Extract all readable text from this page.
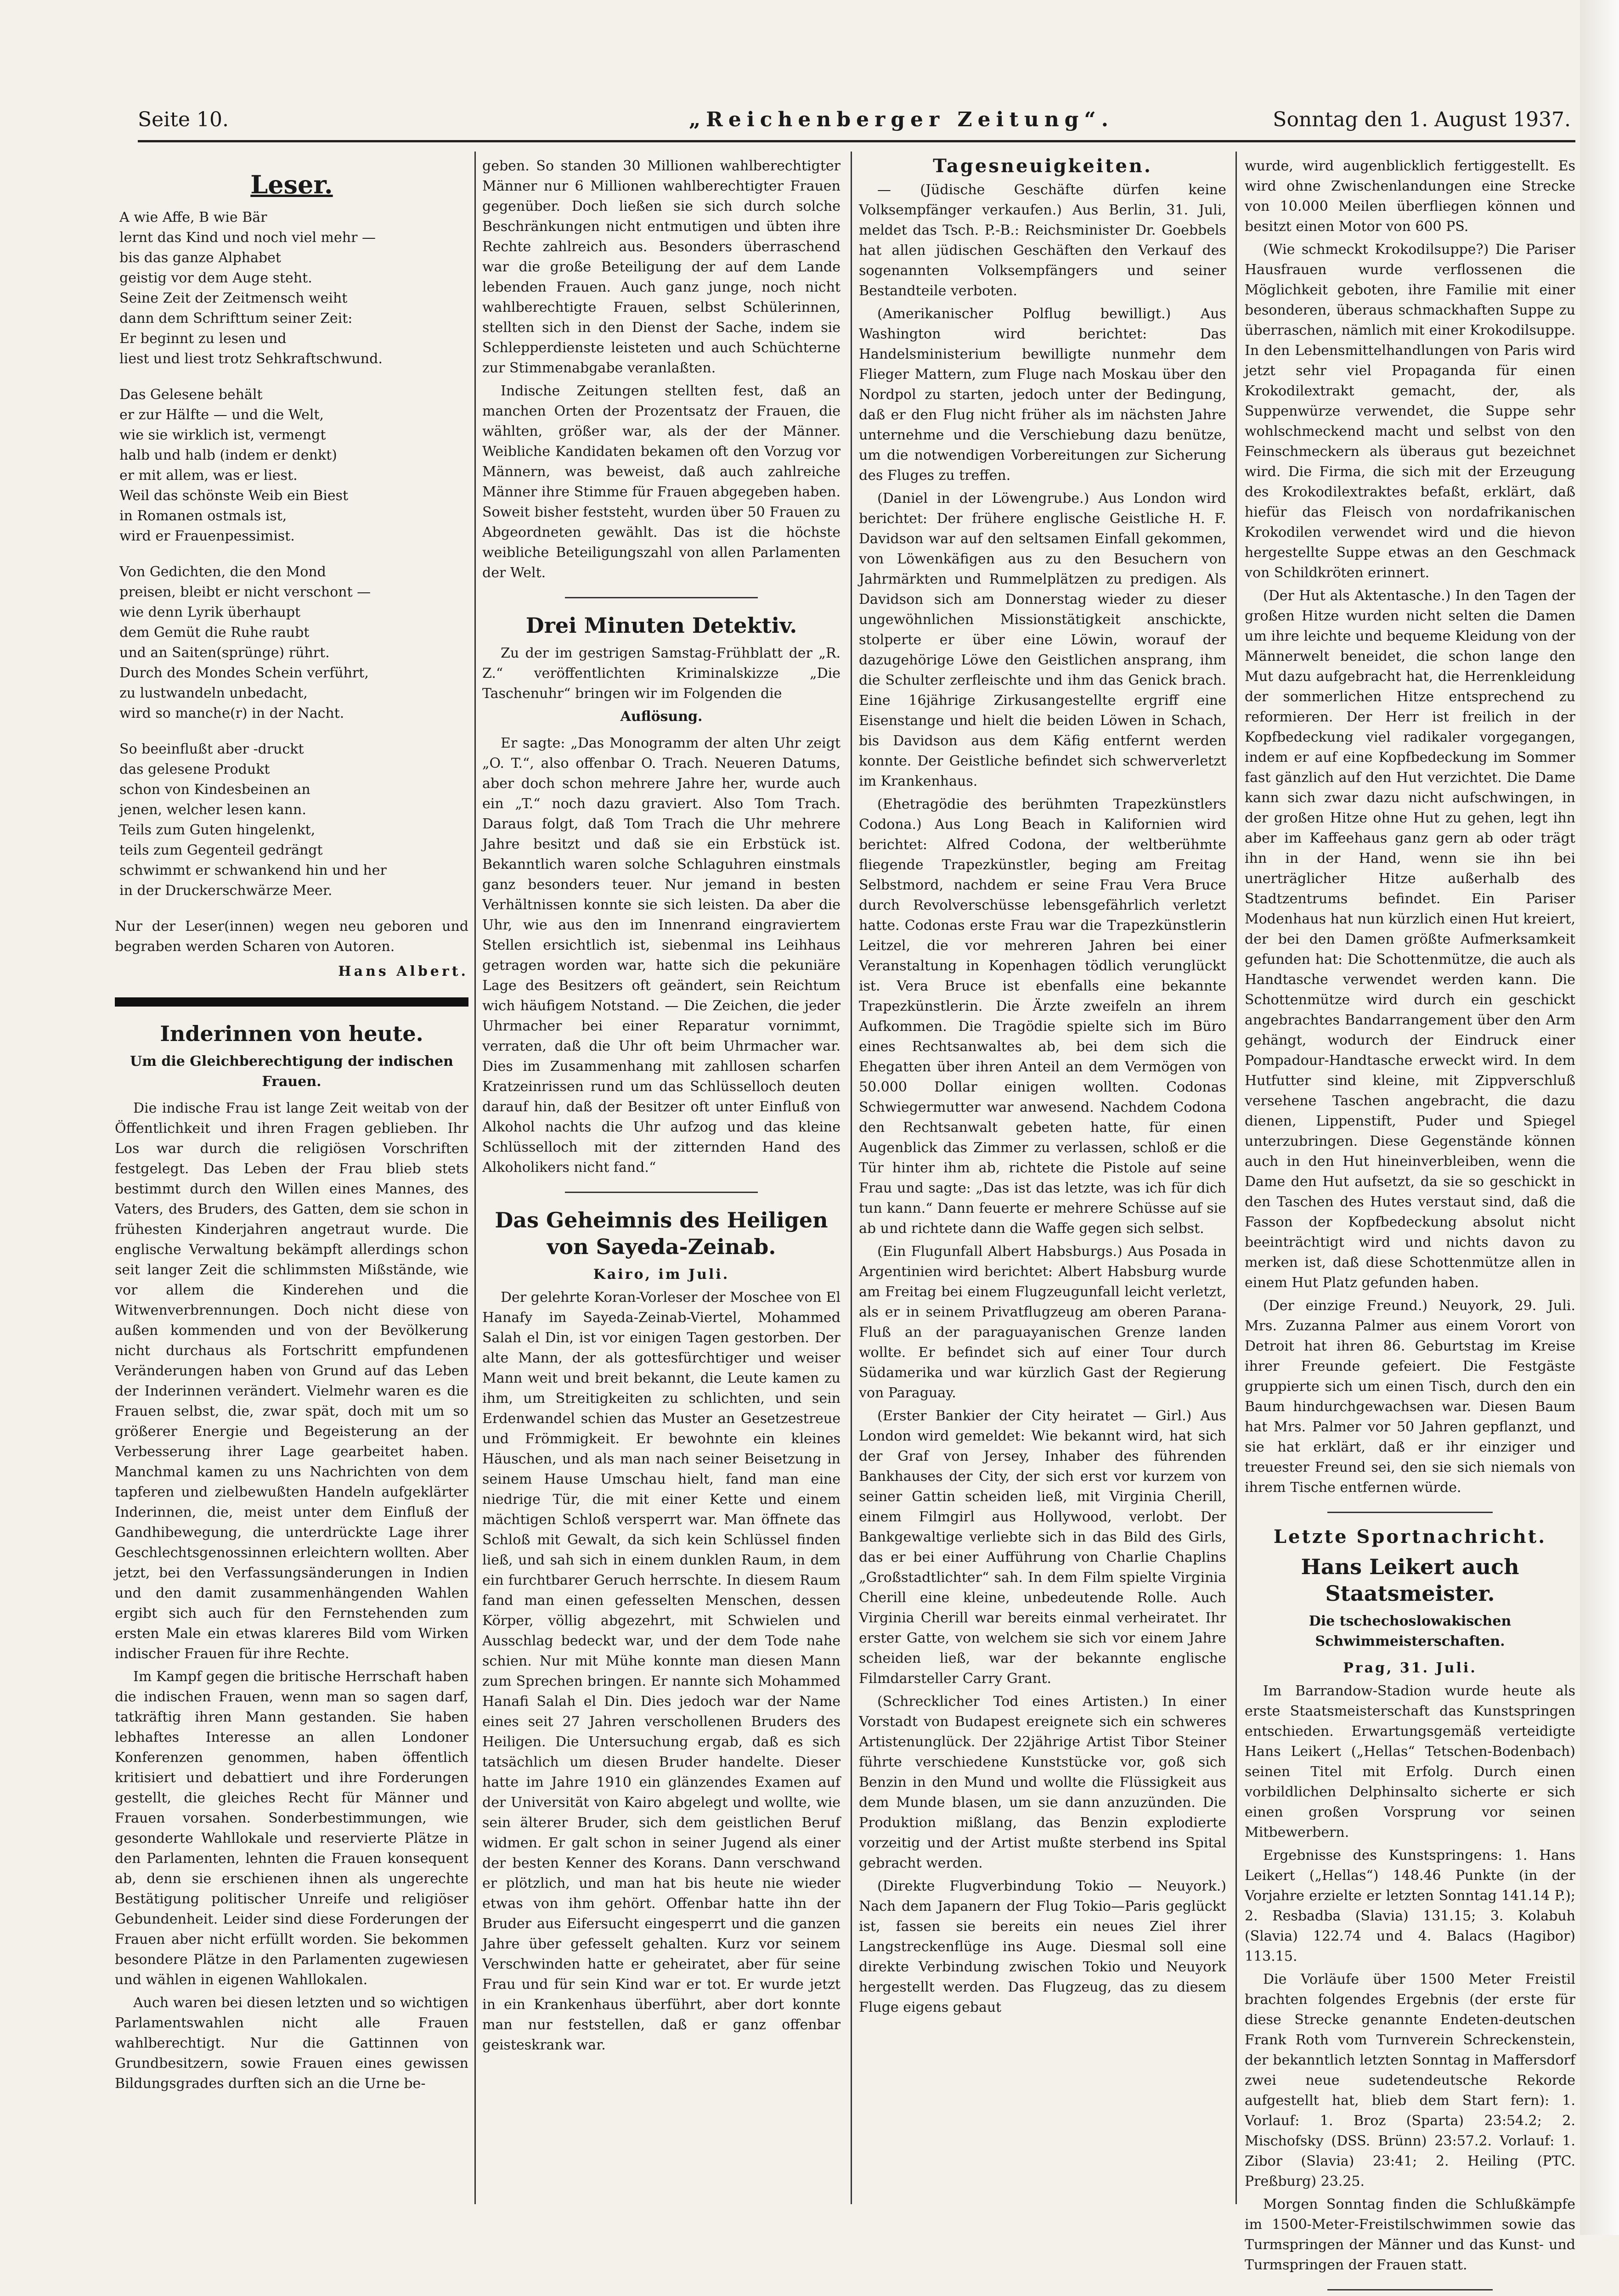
Seite 10.	„Reichenberger Zeitung“.	Sonntag den 1. August 1937.
Leser.
A wie Affe, B wie Bär
lernt das Kind und noch viel mehr —
bis das ganze Alphabet
geistig vor dem Auge steht.
Seine Zeit der Zeitmensch weiht
dann dem Schrifttum seiner Zeit:
Er beginnt zu lesen und
liest und liest trotz Sehkraftschwund.
Das Gelesene behält
er zur Hälfte — und die Welt,
wie sie wirklich ist, vermengt
halb und halb (indem er denkt)
er mit allem, was er liest.
Weil das schönste Weib ein Biest
in Romanen ostmals ist,
wird er Frauenpessimist.
Von Gedichten, die den Mond
preisen, bleibt er nicht verschont —
wie denn Lyrik überhaupt
dem Gemüt die Ruhe raubt
und an Saiten(sprünge) rührt.
Durch des Mondes Schein verführt,
zu lustwandeln unbedacht,
wird so manche(r) in der Nacht.
So beeinflußt aber -druckt
das gelesene Produkt
schon von Kindesbeinen an
jenen, welcher lesen kann.
Teils zum Guten hingelenkt,
teils zum Gegenteil gedrängt
schwimmt er schwankend hin und her
in der Druckerschwärze Meer.

Nur der Leser(innen) wegen neu geboren und begraben werden Scharen von Autoren.

Hans Albert.
Inderinnen von heute.
Um die Gleichberechtigung der indischen Frauen.

Die indische Frau ist lange Zeit weitab von der Öffentlichkeit und ihren Fragen geblieben. Ihr Los war durch die religiösen Vorschriften festgelegt. Das Leben der Frau blieb stets bestimmt durch den Willen eines Mannes, des Vaters, des Bruders, des Gatten, dem sie schon in frühesten Kinderjahren angetraut wurde. Die englische Verwaltung bekämpft allerdings schon seit langer Zeit die schlimmsten Mißstände, wie vor allem die Kinderehen und die Witwenverbrennungen. Doch nicht diese von außen kommenden und von der Bevölkerung nicht durchaus als Fortschritt empfundenen Veränderungen haben von Grund auf das Leben der Inderinnen verändert. Vielmehr waren es die Frauen selbst, die, zwar spät, doch mit um so größerer Energie und Begeisterung an der Verbesserung ihrer Lage gearbeitet haben. Manchmal kamen zu uns Nachrichten von dem tapferen und zielbewußten Handeln aufgeklärter Inderinnen, die, meist unter dem Einfluß der Gandhibewegung, die unterdrückte Lage ihrer Geschlechtsgenossinnen erleichtern wollten. Aber jetzt, bei den Verfassungsänderungen in Indien und den damit zusammenhängenden Wahlen ergibt sich auch für den Fernstehenden zum ersten Male ein etwas klareres Bild vom Wirken indischer Frauen für ihre Rechte.

Im Kampf gegen die britische Herrschaft haben die indischen Frauen, wenn man so sagen darf, tatkräftig ihren Mann gestanden. Sie haben lebhaftes Interesse an allen Londoner Konferenzen genommen, haben öffentlich kritisiert und debattiert und ihre Forderungen gestellt, die gleiches Recht für Männer und Frauen vorsahen. Sonderbestimmungen, wie gesonderte Wahllokale und reservierte Plätze in den Parlamenten, lehnten die Frauen konsequent ab, denn sie erschienen ihnen als ungerechte Bestätigung politischer Unreife und religiöser Gebundenheit. Leider sind diese Forderungen der Frauen aber nicht erfüllt worden. Sie bekommen besondere Plätze in den Parlamenten zugewiesen und wählen in eigenen Wahllokalen.

Auch waren bei diesen letzten und so wichtigen Parlamentswahlen nicht alle Frauen wahlberechtigt. Nur die Gattinnen von Grundbesitzern, sowie Frauen eines gewissen Bildungsgrades durften sich an die Urne be-

geben. So standen 30 Millionen wahlberechtigter Männer nur 6 Millionen wahlberechtigter Frauen gegenüber. Doch ließen sie sich durch solche Beschränkungen nicht entmutigen und übten ihre Rechte zahlreich aus. Besonders überraschend war die große Beteiligung der auf dem Lande lebenden Frauen. Auch ganz junge, noch nicht wahlberechtigte Frauen, selbst Schülerinnen, stellten sich in den Dienst der Sache, indem sie Schlepperdienste leisteten und auch Schüchterne zur Stimmenabgabe veranlaßten.

Indische Zeitungen stellten fest, daß an manchen Orten der Prozentsatz der Frauen, die wählten, größer war, als der der Männer. Weibliche Kandidaten bekamen oft den Vorzug vor Männern, was beweist, daß auch zahlreiche Männer ihre Stimme für Frauen abgegeben haben. Soweit bisher feststeht, wurden über 50 Frauen zu Abgeordneten gewählt. Das ist die höchste weibliche Beteiligungszahl von allen Parlamenten der Welt.

Drei Minuten Detektiv.

Zu der im gestrigen Samstag-Frühblatt der „R. Z.“ veröffentlichten Kriminalskizze „Die Taschenuhr“ bringen wir im Folgenden die

Auflösung.

Er sagte: „Das Monogramm der alten Uhr zeigt „O. T.“, also offenbar O. Trach. Neueren Datums, aber doch schon mehrere Jahre her, wurde auch ein „T.“ noch dazu graviert. Also Tom Trach. Daraus folgt, daß Tom Trach die Uhr mehrere Jahre besitzt und daß sie ein Erbstück ist. Bekanntlich waren solche Schlaguhren einstmals ganz besonders teuer. Nur jemand in besten Verhältnissen konnte sie sich leisten. Da aber die Uhr, wie aus den im Innenrand eingraviertem Stellen ersichtlich ist, siebenmal ins Leihhaus getragen worden war, hatte sich die pekuniäre Lage des Besitzers oft geändert, sein Reichtum wich häufigem Notstand. — Die Zeichen, die jeder Uhrmacher bei einer Reparatur vornimmt, verraten, daß die Uhr oft beim Uhrmacher war. Dies im Zusammenhang mit zahllosen scharfen Kratzeinrissen rund um das Schlüsselloch deuten darauf hin, daß der Besitzer oft unter Einfluß von Alkohol nachts die Uhr aufzog und das kleine Schlüsselloch mit der zitternden Hand des Alkoholikers nicht fand.“

Das Geheimnis des Heiligen von Sayeda-Zeinab.
Kairo, im Juli.

Der gelehrte Koran-Vorleser der Moschee von El Hanafy im Sayeda-Zeinab-Viertel, Mohammed Salah el Din, ist vor einigen Tagen gestorben. Der alte Mann, der als gottesfürchtiger und weiser Mann weit und breit bekannt, die Leute kamen zu ihm, um Streitigkeiten zu schlichten, und sein Erdenwandel schien das Muster an Gesetzestreue und Frömmigkeit. Er bewohnte ein kleines Häuschen, und als man nach seiner Beisetzung in seinem Hause Umschau hielt, fand man eine niedrige Tür, die mit einer Kette und einem mächtigen Schloß versperrt war. Man öffnete das Schloß mit Gewalt, da sich kein Schlüssel finden ließ, und sah sich in einem dunklen Raum, in dem ein furchtbarer Geruch herrschte. In diesem Raum fand man einen gefesselten Menschen, dessen Körper, völlig abgezehrt, mit Schwielen und Ausschlag bedeckt war, und der dem Tode nahe schien. Nur mit Mühe konnte man diesen Mann zum Sprechen bringen. Er nannte sich Mohammed Hanafi Salah el Din. Dies jedoch war der Name eines seit 27 Jahren verschollenen Bruders des Heiligen. Die Untersuchung ergab, daß es sich tatsächlich um diesen Bruder handelte. Dieser hatte im Jahre 1910 ein glänzendes Examen auf der Universität von Kairo abgelegt und wollte, wie sein älterer Bruder, sich dem geistlichen Beruf widmen. Er galt schon in seiner Jugend als einer der besten Kenner des Korans. Dann verschwand er plötzlich, und man hat bis heute nie wieder etwas von ihm gehört. Offenbar hatte ihn der Bruder aus Eifersucht eingesperrt und die ganzen Jahre über gefesselt gehalten. Kurz vor seinem Verschwinden hatte er geheiratet, aber für seine Frau und für sein Kind war er tot. Er wurde jetzt in ein Krankenhaus überführt, aber dort konnte man nur feststellen, daß er ganz offenbar geisteskrank war.

Tagesneuigkeiten.

— (Jüdische Geschäfte dürfen keine Volksempfänger verkaufen.) Aus Berlin, 31. Juli, meldet das Tsch. P.-B.: Reichsminister Dr. Goebbels hat allen jüdischen Geschäften den Verkauf des sogenannten Volksempfängers und seiner Bestandteile verboten.

(Amerikanischer Polflug bewilligt.) Aus Washington wird berichtet: Das Handelsministerium bewilligte nunmehr dem Flieger Mattern, zum Fluge nach Moskau über den Nordpol zu starten, jedoch unter der Bedingung, daß er den Flug nicht früher als im nächsten Jahre unternehme und die Verschiebung dazu benütze, um die notwendigen Vorbereitungen zur Sicherung des Fluges zu treffen.

(Daniel in der Löwengrube.) Aus London wird berichtet: Der frühere englische Geistliche H. F. Davidson war auf den seltsamen Einfall gekommen, von Löwenkäfigen aus zu den Besuchern von Jahrmärkten und Rummelplätzen zu predigen. Als Davidson sich am Donnerstag wieder zu dieser ungewöhnlichen Missionstätigkeit anschickte, stolperte er über eine Löwin, worauf der dazugehörige Löwe den Geistlichen ansprang, ihm die Schulter zerfleischte und ihm das Genick brach. Eine 16jährige Zirkusangestellte ergriff eine Eisenstange und hielt die beiden Löwen in Schach, bis Davidson aus dem Käfig entfernt werden konnte. Der Geistliche befindet sich schwerverletzt im Krankenhaus.

(Ehetragödie des berühmten Trapezkünstlers Codona.) Aus Long Beach in Kalifornien wird berichtet: Alfred Codona, der weltberühmte fliegende Trapezkünstler, beging am Freitag Selbstmord, nachdem er seine Frau Vera Bruce durch Revolverschüsse lebensgefährlich verletzt hatte. Codonas erste Frau war die Trapezkünstlerin Leitzel, die vor mehreren Jahren bei einer Veranstaltung in Kopenhagen tödlich verunglückt ist. Vera Bruce ist ebenfalls eine bekannte Trapezkünstlerin. Die Ärzte zweifeln an ihrem Aufkommen. Die Tragödie spielte sich im Büro eines Rechtsanwaltes ab, bei dem sich die Ehegatten über ihren Anteil an dem Vermögen von 50.000 Dollar einigen wollten. Codonas Schwiegermutter war anwesend. Nachdem Codona den Rechtsanwalt gebeten hatte, für einen Augenblick das Zimmer zu verlassen, schloß er die Tür hinter ihm ab, richtete die Pistole auf seine Frau und sagte: „Das ist das letzte, was ich für dich tun kann.“ Dann feuerte er mehrere Schüsse auf sie ab und richtete dann die Waffe gegen sich selbst.

(Ein Flugunfall Albert Habsburgs.) Aus Posada in Argentinien wird berichtet: Albert Habsburg wurde am Freitag bei einem Flugzeugunfall leicht verletzt, als er in seinem Privatflugzeug am oberen Parana-Fluß an der paraguayanischen Grenze landen wollte. Er befindet sich auf einer Tour durch Südamerika und war kürzlich Gast der Regierung von Paraguay.

(Erster Bankier der City heiratet — Girl.) Aus London wird gemeldet: Wie bekannt wird, hat sich der Graf von Jersey, Inhaber des führenden Bankhauses der City, der sich erst vor kurzem von seiner Gattin scheiden ließ, mit Virginia Cherill, einem Filmgirl aus Hollywood, verlobt. Der Bankgewaltige verliebte sich in das Bild des Girls, das er bei einer Aufführung von Charlie Chaplins „Großstadtlichter“ sah. In dem Film spielte Virginia Cherill eine kleine, unbedeutende Rolle. Auch Virginia Cherill war bereits einmal verheiratet. Ihr erster Gatte, von welchem sie sich vor einem Jahre scheiden ließ, war der bekannte englische Filmdarsteller Carry Grant.

(Schrecklicher Tod eines Artisten.) In einer Vorstadt von Budapest ereignete sich ein schweres Artistenunglück. Der 22jährige Artist Tibor Steiner führte verschiedene Kunststücke vor, goß sich Benzin in den Mund und wollte die Flüssigkeit aus dem Munde blasen, um sie dann anzuzünden. Die Produktion mißlang, das Benzin explodierte vorzeitig und der Artist mußte sterbend ins Spital gebracht werden.

(Direkte Flugverbindung Tokio — Neuyork.) Nach dem Japanern der Flug Tokio—Paris geglückt ist, fassen sie bereits ein neues Ziel ihrer Langstreckenflüge ins Auge. Diesmal soll eine direkte Verbindung zwischen Tokio und Neuyork hergestellt werden. Das Flugzeug, das zu diesem Fluge eigens gebaut

wurde, wird augenblicklich fertiggestellt. Es wird ohne Zwischenlandungen eine Strecke von 10.000 Meilen überfliegen können und besitzt einen Motor von 600 PS.

(Wie schmeckt Krokodilsuppe?) Die Pariser Hausfrauen wurde verflossenen die Möglichkeit geboten, ihre Familie mit einer besonderen, überaus schmackhaften Suppe zu überraschen, nämlich mit einer Krokodilsuppe. In den Lebensmittelhandlungen von Paris wird jetzt sehr viel Propaganda für einen Krokodilextrakt gemacht, der, als Suppenwürze verwendet, die Suppe sehr wohlschmeckend macht und selbst von den Feinschmeckern als überaus gut bezeichnet wird. Die Firma, die sich mit der Erzeugung des Krokodilextraktes befaßt, erklärt, daß hiefür das Fleisch von nordafrikanischen Krokodilen verwendet wird und die hievon hergestellte Suppe etwas an den Geschmack von Schildkröten erinnert.

(Der Hut als Aktentasche.) In den Tagen der großen Hitze wurden nicht selten die Damen um ihre leichte und bequeme Kleidung von der Männerwelt beneidet, die schon lange den Mut dazu aufgebracht hat, die Herrenkleidung der sommerlichen Hitze entsprechend zu reformieren. Der Herr ist freilich in der Kopfbedeckung viel radikaler vorgegangen, indem er auf eine Kopfbedeckung im Sommer fast gänzlich auf den Hut verzichtet. Die Dame kann sich zwar dazu nicht aufschwingen, in der großen Hitze ohne Hut zu gehen, legt ihn aber im Kaffeehaus ganz gern ab oder trägt ihn in der Hand, wenn sie ihn bei unerträglicher Hitze außerhalb des Stadtzentrums befindet. Ein Pariser Modenhaus hat nun kürzlich einen Hut kreiert, der bei den Damen größte Aufmerksamkeit gefunden hat: Die Schottenmütze, die auch als Handtasche verwendet werden kann. Die Schottenmütze wird durch ein geschickt angebrachtes Bandarrangement über den Arm gehängt, wodurch der Eindruck einer Pompadour-Handtasche erweckt wird. In dem Hutfutter sind kleine, mit Zippverschluß versehene Taschen angebracht, die dazu dienen, Lippenstift, Puder und Spiegel unterzubringen. Diese Gegenstände können auch in den Hut hineinverbleiben, wenn die Dame den Hut aufsetzt, da sie so geschickt in den Taschen des Hutes verstaut sind, daß die Fasson der Kopfbedeckung absolut nicht beeinträchtigt wird und nichts davon zu merken ist, daß diese Schottenmütze allen in einem Hut Platz gefunden haben.

(Der einzige Freund.) Neuyork, 29. Juli. Mrs. Zuzanna Palmer aus einem Vorort von Detroit hat ihren 86. Geburtstag im Kreise ihrer Freunde gefeiert. Die Festgäste gruppierte sich um einen Tisch, durch den ein Baum hindurchgewachsen war. Diesen Baum hat Mrs. Palmer vor 50 Jahren gepflanzt, und sie hat erklärt, daß er ihr einziger und treuester Freund sei, den sie sich niemals von ihrem Tische entfernen würde.

Letzte Sportnachricht.
Hans Leikert auch Staatsmeister.
Die tschechoslowakischen Schwimmeisterschaften.
Prag, 31. Juli.

Im Barrandow-Stadion wurde heute als erste Staatsmeisterschaft das Kunstspringen entschieden. Erwartungsgemäß verteidigte Hans Leikert („Hellas“ Tetschen-Bodenbach) seinen Titel mit Erfolg. Durch einen vorbildlichen Delphinsalto sicherte er sich einen großen Vorsprung vor seinen Mitbewerbern.

Ergebnisse des Kunstspringens: 1. Hans Leikert („Hellas“) 148.46 Punkte (in der Vorjahre erzielte er letzten Sonntag 141.14 P.); 2. Resbadba (Slavia) 131.15; 3. Kolabuh (Slavia) 122.74 und 4. Balacs (Hagibor) 113.15.

Die Vorläufe über 1500 Meter Freistil brachten folgendes Ergebnis (der erste für diese Strecke genannte Endeten-deutschen Frank Roth vom Turnverein Schreckenstein, der bekanntlich letzten Sonntag in Maffersdorf zwei neue sudetendeutsche Rekorde aufgestellt hat, blieb dem Start fern): 1. Vorlauf: 1. Broz (Sparta) 23:54.2; 2. Mischofsky (DSS. Brünn) 23:57.2. Vorlauf: 1. Zibor (Slavia) 23:41; 2. Heiling (PTC. Preßburg) 23.25.

Morgen Sonntag finden die Schlußkämpfe im 1500-Meter-Freistilschwimmen sowie das Turmspringen der Männer und das Kunst- und Turmspringen der Frauen statt.
